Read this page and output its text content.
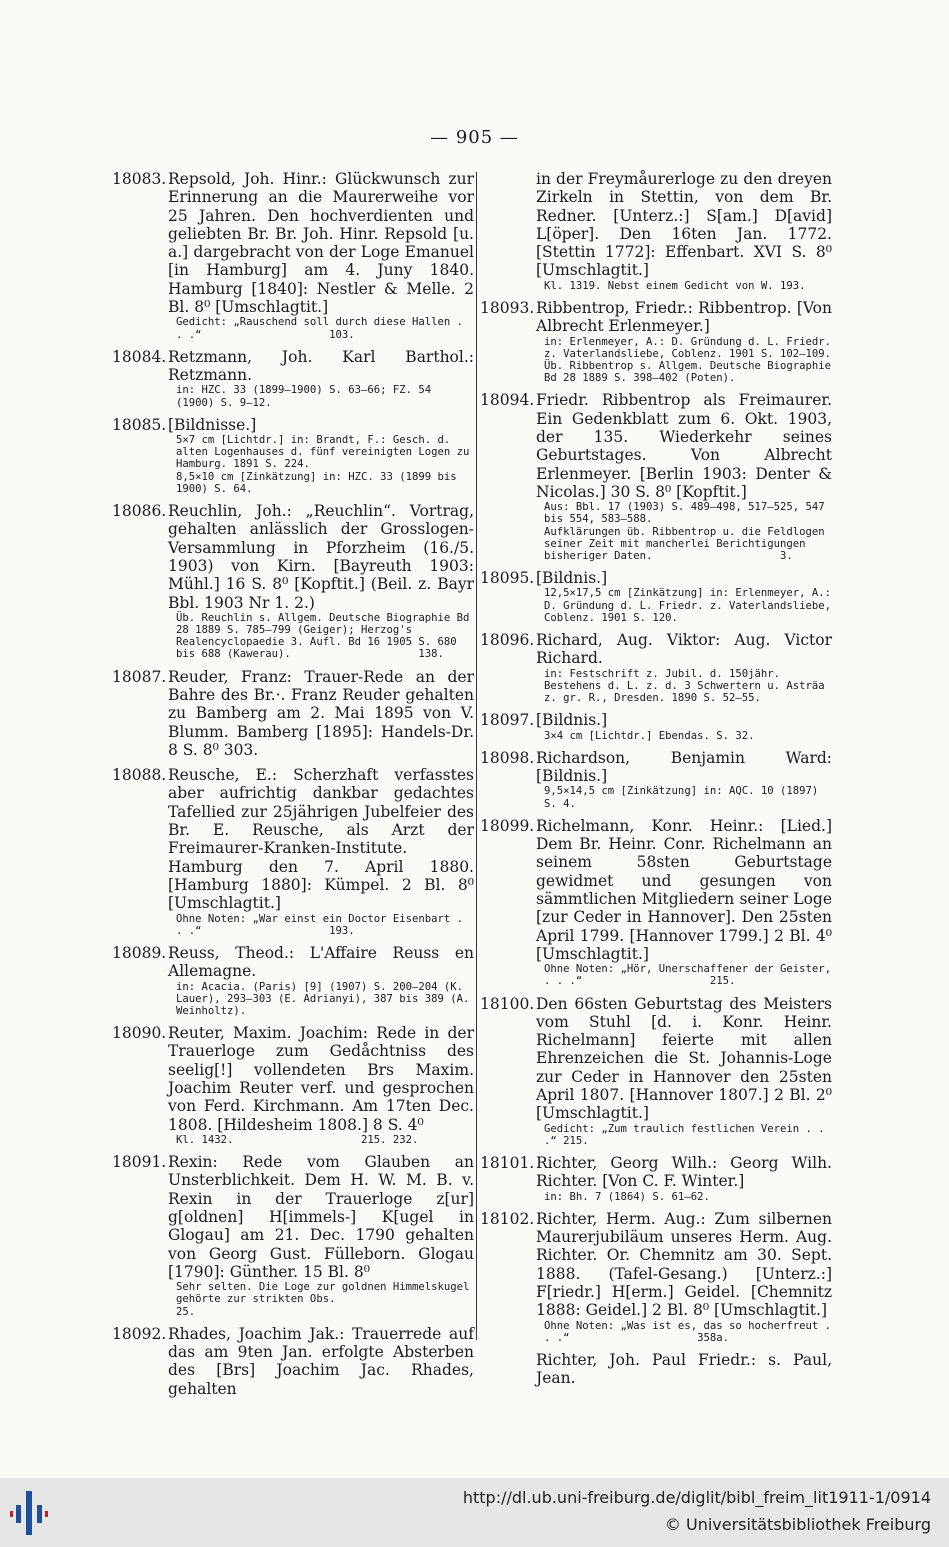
— 905 —
18083. Repsold, Joh. Hinr.: Glückwunsch zur Erinnerung an die Maurerweihe vor 25 Jahren. Den hochverdienten und geliebten Br. Br. Joh. Hinr. Repsold [u. a.] dargebracht von der Loge Emanuel [in Hamburg] am 4. Juny 1840. Hamburg [1840]: Nestler & Melle. 2 Bl. 8⁰ [Umschlagtit.]
Gedicht: „Rauschend soll durch diese Hallen . . .“                    103.
18084. Retzmann, Joh. Karl Barthol.: Retzmann.
in: HZC. 33 (1899—1900) S. 63—66; FZ. 54 (1900) S. 9—12.
18085. [Bildnisse.]
5×7 cm [Lichtdr.] in: Brandt, F.: Gesch. d. alten Logenhauses d. fünf vereinigten Logen zu Hamburg. 1891 S. 224.
8,5×10 cm [Zinkätzung] in: HZC. 33 (1899 bis 1900) S. 64.
18086. Reuchlin, Joh.: „Reuchlin“. Vortrag, gehalten anlässlich der Grosslogen-Versammlung in Pforzheim (16./5. 1903) von Kirn. [Bayreuth 1903: Mühl.] 16 S. 8⁰ [Kopftit.] (Beil. z. Bayr Bbl. 1903 Nr 1. 2.)
Üb. Reuchlin s. Allgem. Deutsche Biographie Bd 28 1889 S. 785—799 (Geiger); Herzog's Realencyclopaedie 3. Aufl. Bd 16 1905 S. 680 bis 688 (Kawerau).                    138.
18087. Reuder, Franz: Trauer-Rede an der Bahre des Br.·. Franz Reuder gehalten zu Bamberg am 2. Mai 1895 von V. Blumm. Bamberg [1895]: Handels-Dr. 8 S. 8⁰ 303.
18088. Reusche, E.: Scherzhaft verfasstes aber aufrichtig dankbar gedachtes Tafellied zur 25jährigen Jubelfeier des Br. E. Reusche, als Arzt der Freimaurer-Kranken-Institute. Hamburg den 7. April 1880. [Hamburg 1880]: Kümpel. 2 Bl. 8⁰ [Umschlagtit.]
Ohne Noten: „War einst ein Doctor Eisenbart . . .“                    193.
18089. Reuss, Theod.: L'Affaire Reuss en Allemagne.
in: Acacia. (Paris) [9] (1907) S. 200—204 (K. Lauer), 293—303 (E. Adrianyi), 387 bis 389 (A. Weinholtz).
18090. Reuter, Maxim. Joachim: Rede in der Trauerloge zum Gedåchtniss des seelig[!] vollendeten Brs Maxim. Joachim Reuter verf. und gesprochen von Ferd. Kirchmann. Am 17ten Dec. 1808. [Hildesheim 1808.] 8 S. 4⁰
Kl. 1432.                    215. 232.
18091. Rexin: Rede vom Glauben an Unsterblichkeit. Dem H. W. M. B. v. Rexin in der Trauerloge z[ur] g[oldnen] H[immels-] K[ugel in Glogau] am 21. Dec. 1790 gehalten von Georg Gust. Fülleborn. Glogau [1790]: Günther. 15 Bl. 8⁰
Sehr selten. Die Loge zur goldnen Himmelskugel gehörte zur strikten Obs.                    25.
18092. Rhades, Joachim Jak.: Trauerrede auf das am 9ten Jan. erfolgte Absterben des [Brs] Joachim Jac. Rhades, gehalten
in der Freymåurerloge zu den dreyen Zirkeln in Stettin, von dem Br. Redner. [Unterz.:] S[am.] D[avid] L[öper]. Den 16ten Jan. 1772. [Stettin 1772]: Effenbart. XVI S. 8⁰ [Umschlagtit.]
Kl. 1319. Nebst einem Gedicht von W. 193.
18093. Ribbentrop, Friedr.: Ribbentrop. [Von Albrecht Erlenmeyer.]
in: Erlenmeyer, A.: D. Gründung d. L. Friedr. z. Vaterlandsliebe, Coblenz. 1901 S. 102—109.
Üb. Ribbentrop s. Allgem. Deutsche Biographie Bd 28 1889 S. 398—402 (Poten).
18094. Friedr. Ribbentrop als Freimaurer. Ein Gedenkblatt zum 6. Okt. 1903, der 135. Wiederkehr seines Geburtstages. Von Albrecht Erlenmeyer. [Berlin 1903: Denter & Nicolas.] 30 S. 8⁰ [Kopftit.]
Aus: Bbl. 17 (1903) S. 489—498, 517—525, 547 bis 554, 583—588.
Aufklärungen üb. Ribbentrop u. die Feldlogen seiner Zeit mit mancherlei Berichtigungen bisheriger Daten.                    3.
18095. [Bildnis.]
12,5×17,5 cm [Zinkätzung] in: Erlenmeyer, A.: D. Gründung d. L. Friedr. z. Vaterlandsliebe, Coblenz. 1901 S. 120.
18096. Richard, Aug. Viktor: Aug. Victor Richard.
in: Festschrift z. Jubil. d. 150jähr. Bestehens d. L. z. d. 3 Schwertern u. Asträa z. gr. R., Dresden. 1890 S. 52—55.
18097. [Bildnis.]
3×4 cm [Lichtdr.] Ebendas. S. 32.
18098. Richardson, Benjamin Ward: [Bildnis.]
9,5×14,5 cm [Zinkätzung] in: AQC. 10 (1897) S. 4.
18099. Richelmann, Konr. Heinr.: [Lied.] Dem Br. Heinr. Conr. Richelmann an seinem 58sten Geburtstage gewidmet und gesungen von sämmtlichen Mitgliedern seiner Loge [zur Ceder in Hannover]. Den 25sten April 1799. [Hannover 1799.] 2 Bl. 4⁰ [Umschlagtit.]
Ohne Noten: „Hör, Unerschaffener der Geister, . . .“                    215.
18100. Den 66sten Geburtstag des Meisters vom Stuhl [d. i. Konr. Heinr. Richelmann] feierte mit allen Ehrenzeichen die St. Johannis-Loge zur Ceder in Hannover den 25sten April 1807. [Hannover 1807.] 2 Bl. 2⁰ [Umschlagtit.]
Gedicht: „Zum traulich festlichen Verein . . .“ 215.
18101. Richter, Georg Wilh.: Georg Wilh. Richter. [Von C. F. Winter.]
in: Bh. 7 (1864) S. 61—62.
18102. Richter, Herm. Aug.: Zum silbernen Maurerjubiläum unseres Herm. Aug. Richter. Or. Chemnitz am 30. Sept. 1888. (Tafel-Gesang.) [Unterz.:] F[riedr.] H[erm.] Geidel. [Chemnitz 1888: Geidel.] 2 Bl. 8⁰ [Umschlagtit.]
Ohne Noten: „Was ist es, das so hocherfreut . . .“                    358a.
Richter, Joh. Paul Friedr.: s. Paul, Jean.
http://dl.ub.uni-freiburg.de/diglit/bibl_freim_lit1911-1/0914
© Universitätsbibliothek Freiburg
